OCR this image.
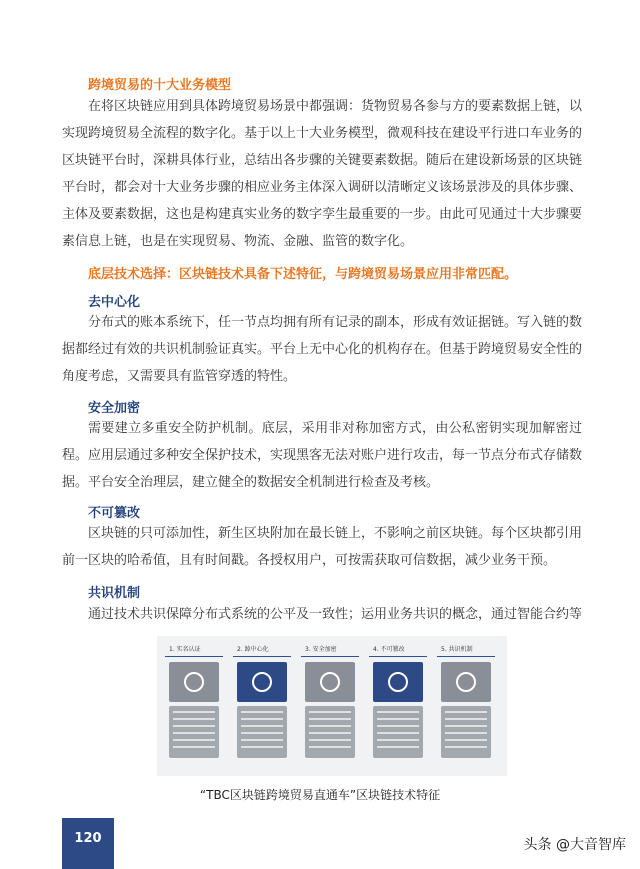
跨境贸易的十大业务模型

在将区块链应用到具体跨境贸易场景中都强调：货物贸易各参与方的要素数据上链，以实现跨境贸易全流程的数字化。基于以上十大业务模型，微观科技在建设平行进口车业务的区块链平台时，深耕具体行业，总结出各步骤的关键要素数据。随后在建设新场景的区块链平台时，都会对十大业务步骤的相应业务主体深入调研以清晰定义该场景涉及的具体步骤、主体及要素数据，这也是构建真实业务的数字孪生最重要的一步。由此可见通过十大步骤要素信息上链，也是在实现贸易、物流、金融、监管的数字化。

底层技术选择：区块链技术具备下述特征，与跨境贸易场景应用非常匹配。
去中心化

分布式的账本系统下，任一节点均拥有所有记录的副本，形成有效证据链。写入链的数据都经过有效的共识机制验证真实。平台上无中心化的机构存在。但基于跨境贸易安全性的角度考虑，又需要具有监管穿透的特性。

安全加密

需要建立多重安全防护机制。底层，采用非对称加密方式，由公私密钥实现加解密过程。应用层通过多种安全保护技术，实现黑客无法对账户进行攻击，每一节点分布式存储数据。平台安全治理层，建立健全的数据安全机制进行检查及考核。

不可篡改

区块链的只可添加性，新生区块附加在最长链上，不影响之前区块链。每个区块都引用前一区块的哈希值，且有时间戳。各授权用户，可按需获取可信数据，减少业务干预。

共识机制

通过技术共识保障分布式系统的公平及一致性；运用业务共识的概念，通过智能合约等

1. 实名认证	2. 踔中心化	3. 安全加密	4. 不可篡改	5. 共识机制
“TBC区块链跨境贸易直通车”区块链技术特征
120	头条 @大音智库
